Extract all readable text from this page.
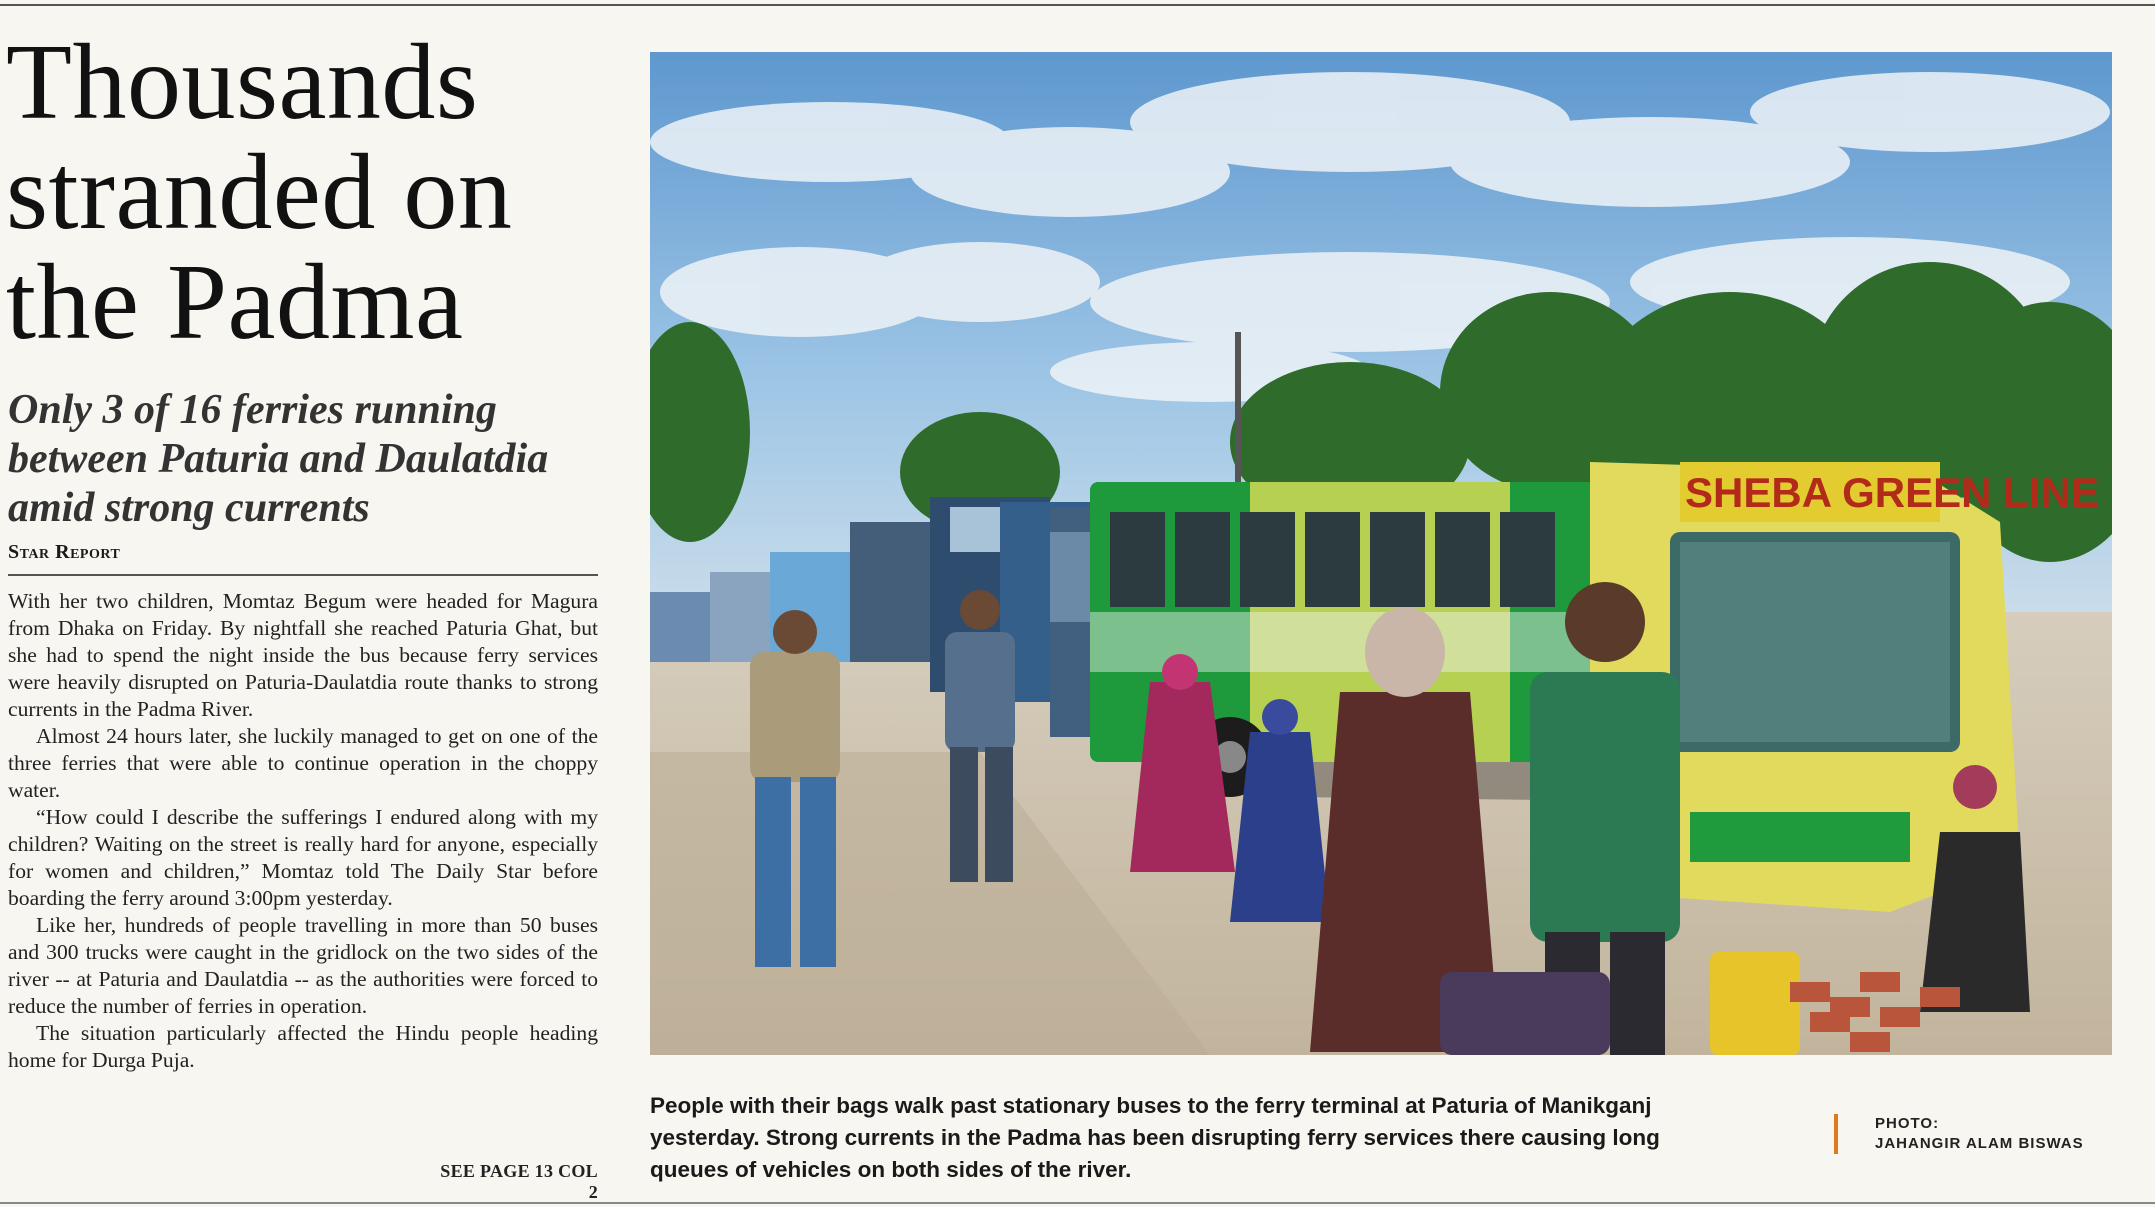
Thousands
stranded on
the Padma
Only 3 of 16 ferries running
between Paturia and Daulatdia
amid strong currents
Star Report

With her two children, Momtaz Begum were headed for Magura from Dhaka on Friday. By nightfall she reached Paturia Ghat, but she had to spend the night inside the bus because ferry services were heavily disrupted on Paturia-Daulatdia route thanks to strong currents in the Padma River.

Almost 24 hours later, she luckily managed to get on one of the three ferries that were able to continue operation in the choppy water.

“How could I describe the sufferings I endured along with my children? Waiting on the street is really hard for anyone, especially for women and children,” Momtaz told The Daily Star before boarding the ferry around 3:00pm yesterday.

Like her, hundreds of people travelling in more than 50 buses and 300 trucks were caught in the gridlock on the two sides of the river -- at Paturia and Daulatdia -- as the authorities were forced to reduce the number of ferries in operation.

The situation particularly affected the Hindu people heading home for Durga Puja.

SEE PAGE 13 COL 2
SHEBA GREEN LINE
People with their bags walk past stationary buses to the ferry terminal at Paturia of Manikganj yesterday. Strong currents in the Padma has been disrupting ferry services there causing long queues of vehicles on both sides of the river.
PHOTO:
JAHANGIR ALAM BISWAS
